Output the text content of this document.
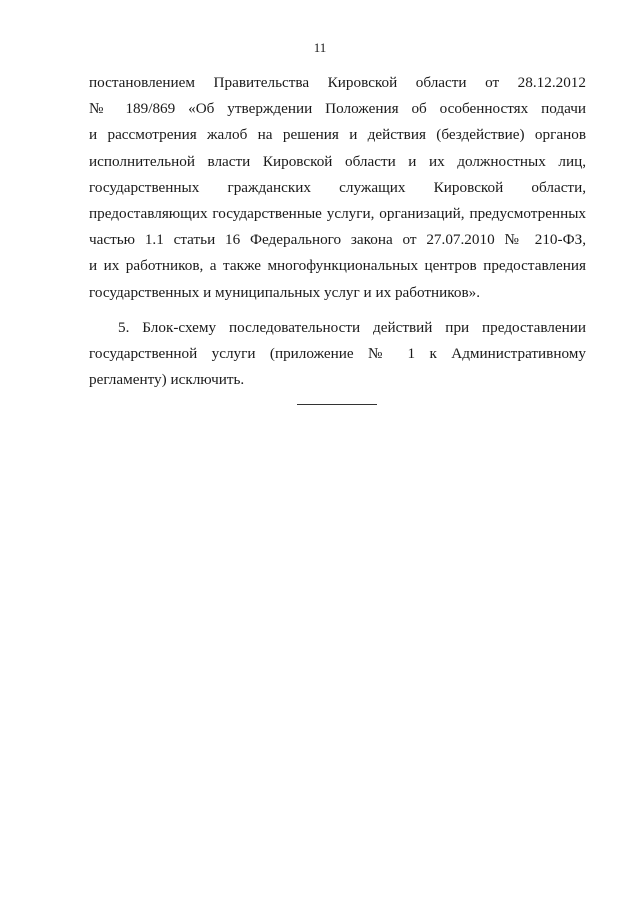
11
постановлением Правительства Кировской области от 28.12.2012
№ 189/869 «Об утверждении Положения об особенностях подачи
и рассмотрения жалоб на решения и действия (бездействие) органов
исполнительной власти Кировской области и их должностных лиц,
государственных гражданских служащих Кировской области,
предоставляющих государственные услуги, организаций, предусмотренных
частью 1.1 статьи 16 Федерального закона от 27.07.2010 № 210-ФЗ,
и их работников, а также многофункциональных центров предоставления
государственных и муниципальных услуг и их работников».
5. Блок-схему последовательности действий при предоставлении
государственной услуги (приложение № 1 к Административному
регламенту) исключить.
